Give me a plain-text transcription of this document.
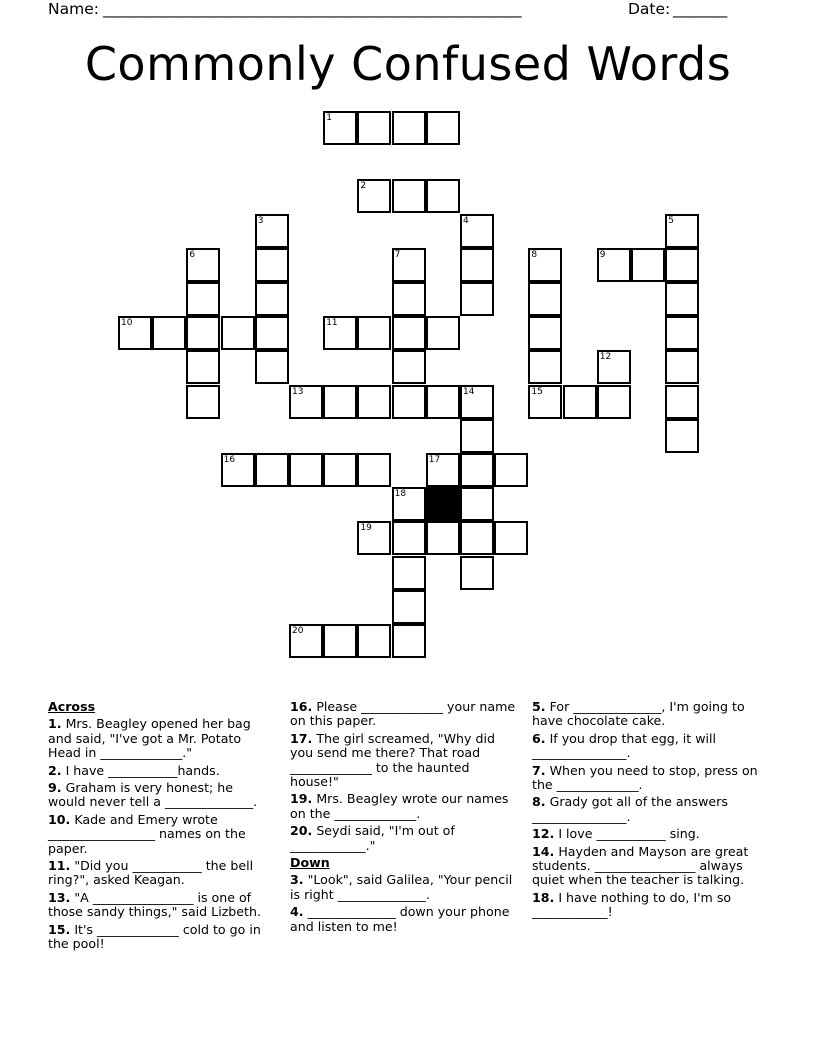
Name: ______________________________________________________	Date: _______
Commonly Confused Words
1
2
3	4	5
6	7	8	9
10	11
12
13	14	15
16	17
18
19
20
Across
1. Mrs. Beagley opened her bag and said, "I've got a Mr. Potato Head in _____________."
2. I have ___________hands.
9. Graham is very honest; he would never tell a ______________.
10. Kade and Emery wrote _________________ names on the paper.
11. "Did you ___________ the bell ring?", asked Keagan.
13. "A ________________ is one of those sandy things," said Lizbeth.
15. It's _____________ cold to go in the pool!
16. Please _____________ your name on this paper.
17. The girl screamed, "Why did you send me there? That road _____________ to the haunted house!"
19. Mrs. Beagley wrote our names on the _____________.
20. Seydi said, "I'm out of ____________."
Down
3. "Look", said Galilea, "Your pencil is right ______________.
4. ______________ down your phone and listen to me!
5. For ______________, I'm going to have chocolate cake.
6. If you drop that egg, it will _______________.
7. When you need to stop, press on the _____________.
8. Grady got all of the answers _______________.
12. I love ___________ sing.
14. Hayden and Mayson are great students. ________________ always quiet when the teacher is talking.
18. I have nothing to do, I'm so ____________!
